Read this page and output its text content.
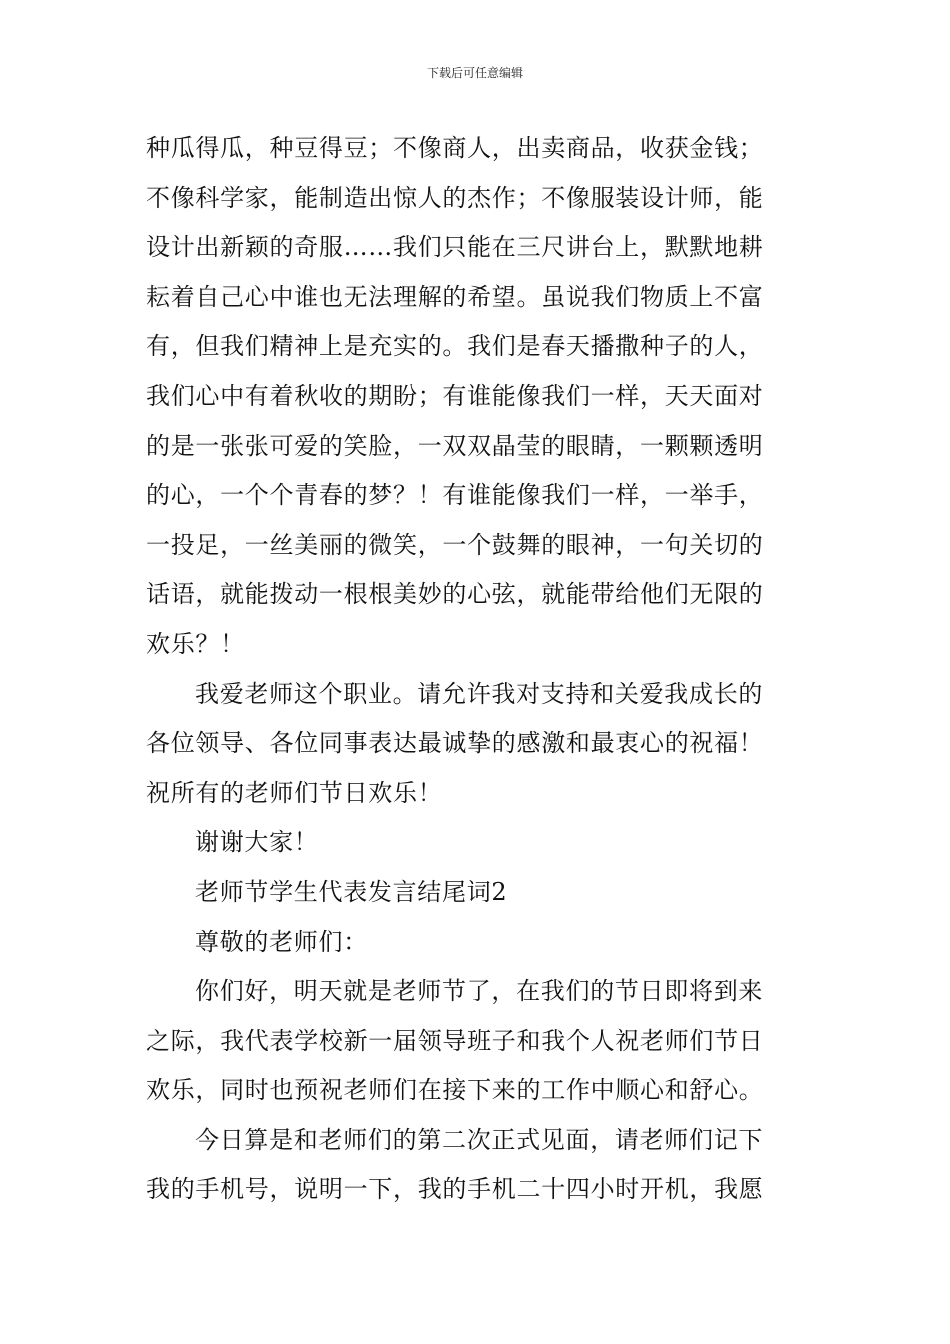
下载后可任意编辑
种瓜得瓜，种豆得豆；不像商人，出卖商品，收获金钱；
不像科学家，能制造出惊人的杰作；不像服装设计师，能
设计出新颖的奇服……我们只能在三尺讲台上，默默地耕
耘着自己心中谁也无法理解的希望。虽说我们物质上不富
有，但我们精神上是充实的。我们是春天播撒种子的人，
我们心中有着秋收的期盼；有谁能像我们一样，天天面对
的是一张张可爱的笑脸，一双双晶莹的眼睛，一颗颗透明
的心，一个个青春的梦？！有谁能像我们一样，一举手，
一投足，一丝美丽的微笑，一个鼓舞的眼神，一句关切的
话语，就能拨动一根根美妙的心弦，就能带给他们无限的
欢乐？！
我爱老师这个职业。请允许我对支持和关爱我成长的
各位领导、各位同事表达最诚挚的感激和最衷心的祝福！
祝所有的老师们节日欢乐！
谢谢大家！
老师节学生代表发言结尾词2
尊敬的老师们：
你们好，明天就是老师节了，在我们的节日即将到来
之际，我代表学校新一届领导班子和我个人祝老师们节日
欢乐，同时也预祝老师们在接下来的工作中顺心和舒心。
今日算是和老师们的第二次正式见面，请老师们记下
我的手机号，说明一下，我的手机二十四小时开机，我愿
